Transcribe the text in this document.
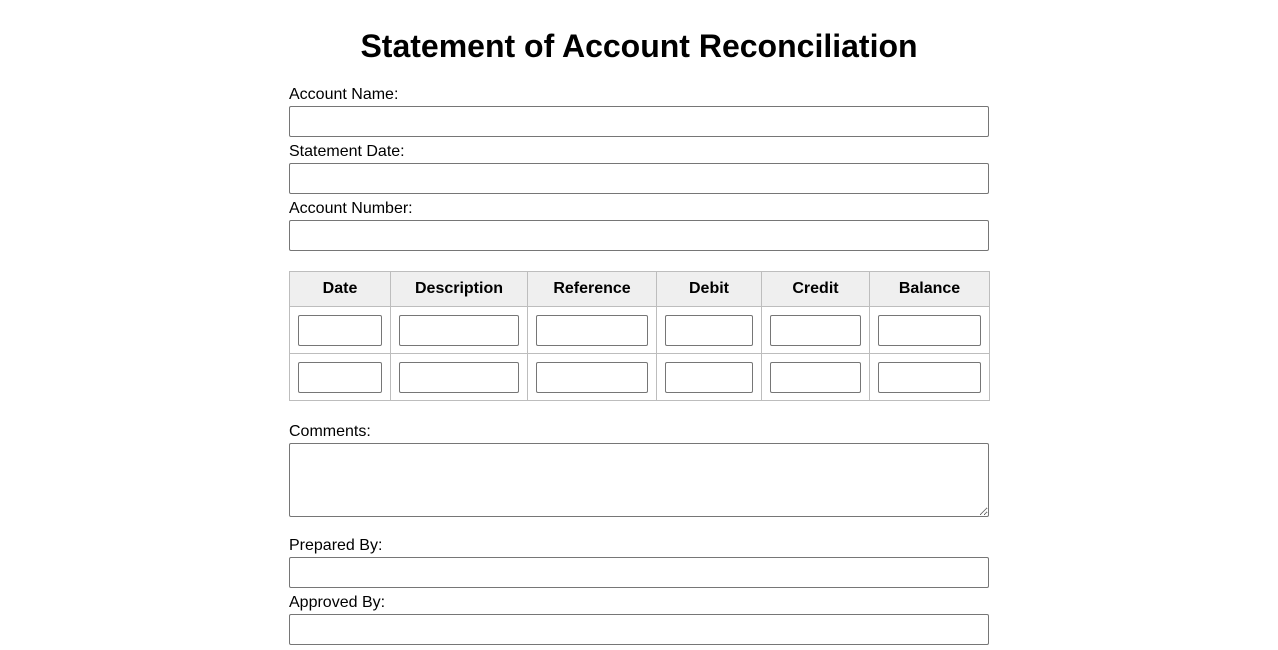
Statement of Account Reconciliation
Account Name:
Statement Date:
Account Number:
Date	Description	Reference	Debit	Credit	Balance

Comments:
Prepared By:
Approved By:
